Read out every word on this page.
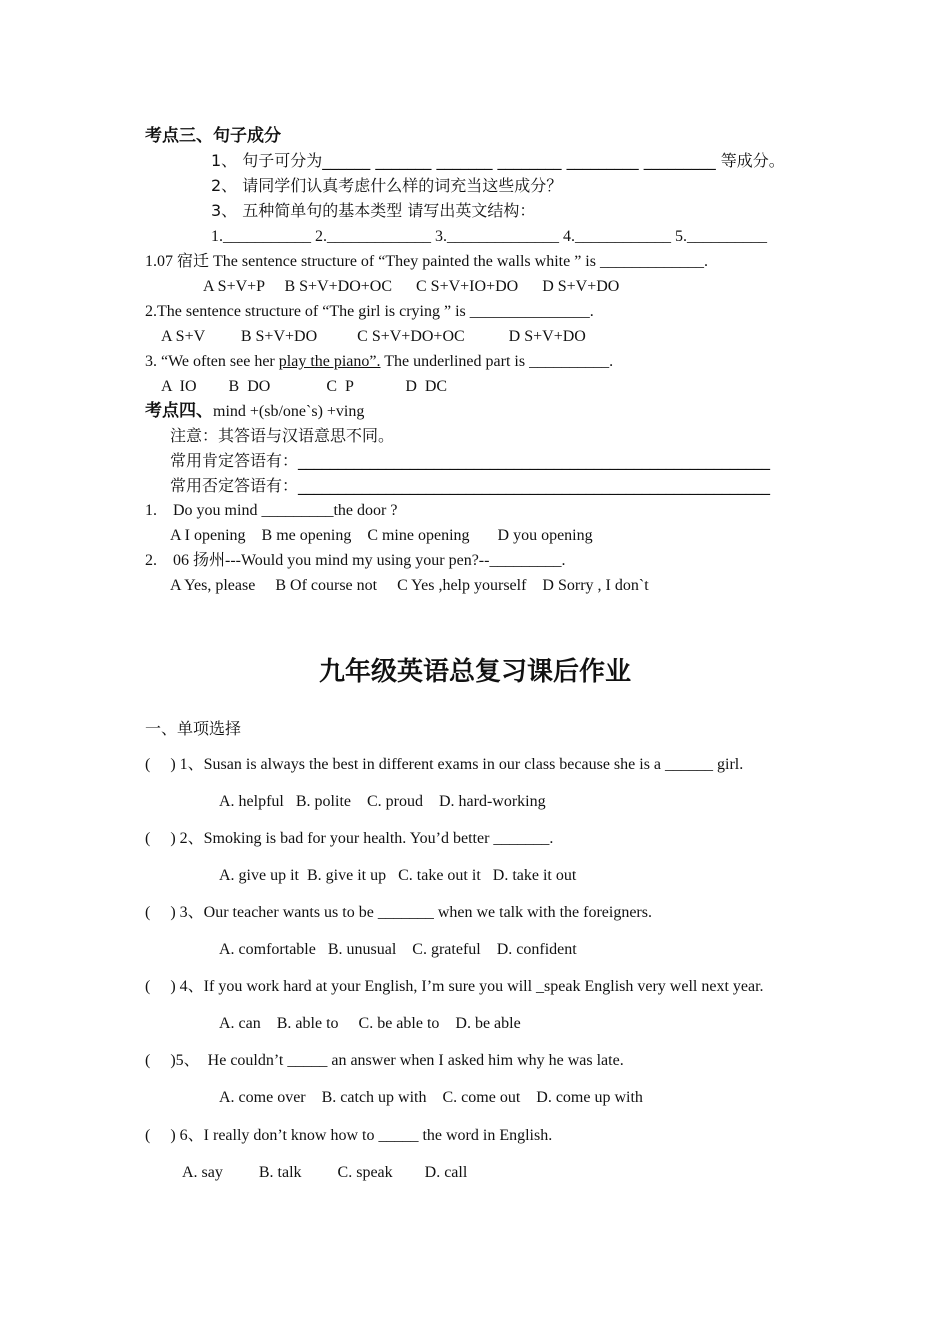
考点三、句子成分
1、 句子可分为______ _______ _______ ________ _________ _________ 等成分。
2、 请同学们认真考虑什么样的词充当这些成分？
3、 五种简单句的基本类型 请写出英文结构：
1.___________ 2._____________ 3.______________ 4.____________ 5.__________
1.07 宿迁 The sentence structure of “They painted the walls white ” is _____________.
A S+V+P     B S+V+DO+OC      C S+V+IO+DO      D S+V+DO
2.The sentence structure of “The girl is crying ” is _______________.
A S+V         B S+V+DO          C S+V+DO+OC           D S+V+DO
3. “We often see her play the piano”. The underlined part is __________.
A  IO        B  DO              C  P             D  DC
考点四、mind +(sb/one`s) +ving
注意：其答语与汉语意思不同。
常用肯定答语有：___________________________________________________________
常用否定答语有：___________________________________________________________
1.    Do you mind _________the door ?
A I opening    B me opening    C mine opening       D you opening
2.    06 扬州---Would you mind my using your pen?--_________.
A Yes, please     B Of course not     C Yes ,help yourself    D Sorry , I don`t
九年级英语总复习课后作业
一、单项选择
(     ) 1、Susan is always the best in different exams in our class because she is a ______ girl.
A. helpful   B. polite    C. proud    D. hard-working
(     ) 2、Smoking is bad for your health. You’d better _______.
A. give up it  B. give it up   C. take out it   D. take it out
(     ) 3、Our teacher wants us to be _______ when we talk with the foreigners.
A. comfortable   B. unusual    C. grateful    D. confident
(     ) 4、If you work hard at your English, I’m sure you will _speak English very well next year.
A. can    B. able to     C. be able to    D. be able
(     )5、  He couldn’t _____ an answer when I asked him why he was late.
A. come over    B. catch up with    C. come out    D. come up with
(     ) 6、I really don’t know how to _____ the word in English.
A. say         B. talk         C. speak        D. call
